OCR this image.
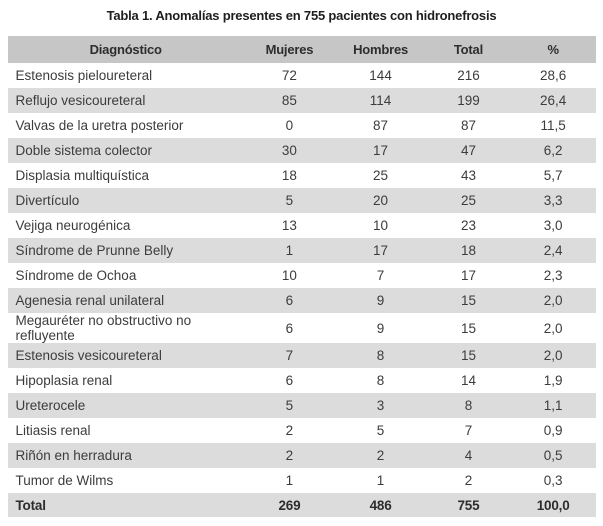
Tabla 1. Anomalías presentes en 755 pacientes con hidronefrosis
Diagnóstico	Mujeres	Hombres	Total	%
Estenosis pieloureteral	72	144	216	28,6
Reflujo vesicoureteral	85	114	199	26,4
Valvas de la uretra posterior	0	87	87	11,5
Doble sistema colector	30	17	47	6,2
Displasia multiquística	18	25	43	5,7
Divertículo	5	20	25	3,3
Vejiga neurogénica	13	10	23	3,0
Síndrome de Prunne Belly	1	17	18	2,4
Síndrome de Ochoa	10	7	17	2,3
Agenesia renal unilateral	6	9	15	2,0
Megauréter no obstructivo no refluyente	6	9	15	2,0
Estenosis vesicoureteral	7	8	15	2,0
Hipoplasia renal	6	8	14	1,9
Ureterocele	5	3	8	1,1
Litiasis renal	2	5	7	0,9
Riñón en herradura	2	2	4	0,5
Tumor de Wilms	1	1	2	0,3
Total	269	486	755	100,0
